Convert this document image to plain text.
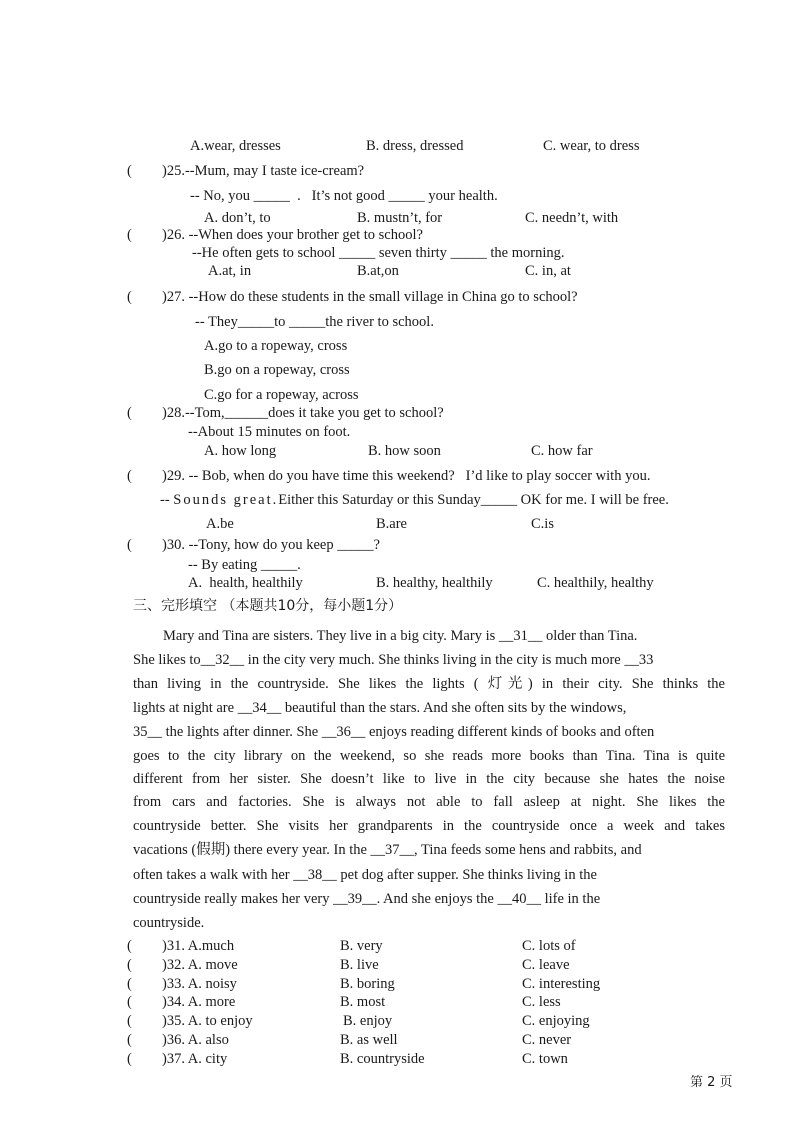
A.wear, dresses	B. dress, dressed	C. wear, to dress
( )25.--Mum, may I taste ice-cream?
-- No, you _____  .   It’s not good _____ your health.
A. don’t, to	B. mustn’t, for	C. needn’t, with
( )26. --When does your brother get to school?
--He often gets to school _____ seven thirty _____ the morning.
A.at, in	B.at,on	C. in, at
( )27. --How do these students in the small village in China go to school?
-- They_____to _____the river to school.
A.go to a ropeway, cross
B.go on a ropeway, cross
C.go for a ropeway, across
( )28.--Tom,______does it take you get to school?
--About 15 minutes on foot.
A. how long	B. how soon	C. how far
( )29. -- Bob, when do you have time this weekend?   I’d like to play soccer with you.
-- Sounds great.Either this Saturday or this Sunday_____ OK for me. I will be free.
A.be	B.are	C.is
( )30. --Tony, how do you keep _____?
-- By eating _____.
A.  health, healthily	B. healthy, healthily	C. healthily, healthy
三、完形填空 （本题共10分，每小题1分）
Mary and Tina are sisters. They live in a big city. Mary is __31__ older than Tina.
She likes to__32__ in the city very much. She thinks living in the city is much more __33
than living in the countryside. She likes the lights ( 灯光) in their city. She thinks the
lights at night are __34__ beautiful than the stars. And she often sits by the windows,
35__ the lights after dinner. She __36__ enjoys reading different kinds of books and often
goes to the city library on the weekend, so she reads more books than Tina. Tina is quite
different from her sister. She doesn’t like to live in the city because she hates the noise
from cars and factories. She is always not able to fall asleep at night. She likes the
countryside better. She visits her grandparents in the countryside once a week and takes
vacations (假期) there every year. In the __37__, Tina feeds some hens and rabbits, and
often takes a walk with her __38__ pet dog after supper. She thinks living in the
countryside really makes her very __39__. And she enjoys the __40__ life in the
countryside.
( )31. A.much	B. very	C. lots of
( )32. A. move	B. live	C. leave
( )33. A. noisy	B. boring	C. interesting
( )34. A. more	B. most	C. less
( )35. A. to enjoy	B. enjoy	C. enjoying
( )36. A. also	B. as well	C. never
( )37. A. city	B. countryside	C. town
第 2 页
